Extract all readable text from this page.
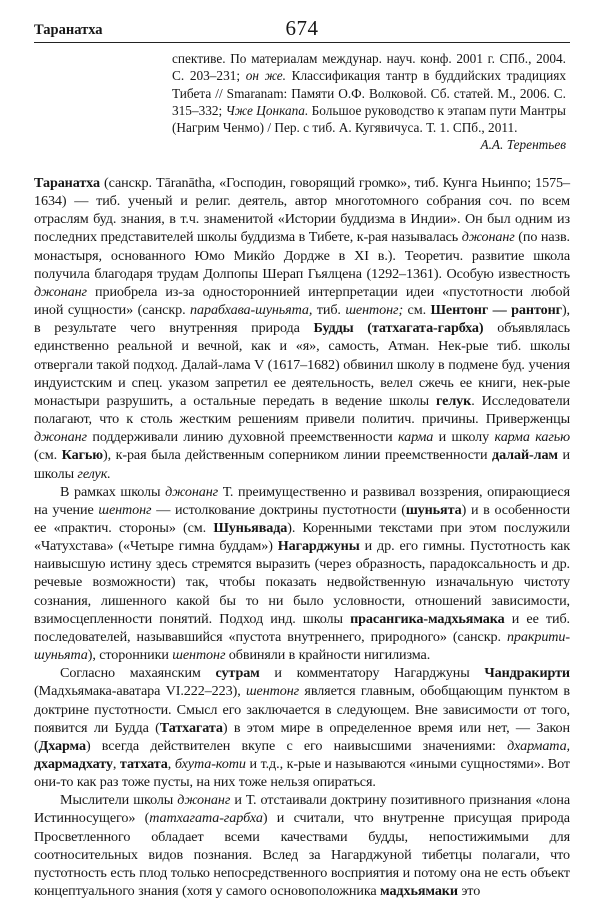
Таранатха	674

спективе. По материалам междунар. науч. конф. 2001 г. СПб., 2004. С. 203–231; он же. Классификация тантр в буддийских традициях Тибета // Smaranam: Памяти О.Ф. Волковой. Сб. статей. М., 2006. С. 315–332; Чже Цонкапа. Большое руководство к этапам пути Мантры (Нагрим Ченмо) / Пер. с тиб. А. Кугявичуса. Т. 1. СПб., 2011.

А.А. Терентьев

Таранатха (санскр. Tāranātha, «Господин, говорящий громко», тиб. Кунга Ньинпо; 1575–1634) — тиб. ученый и религ. деятель, автор многотомного собрания соч. по всем отраслям буд. знания, в т.ч. знаменитой «Истории буддизма в Индии». Он был одним из последних представителей школы буддизма в Тибете, к-рая называлась джонанг (по назв. монастыря, основанного Юмо Микйо Дордже в XI в.). Теоретич. развитие школа получила благодаря трудам Долпопы Шерап Гьялцена (1292–1361). Особую известность джонанг приобрела из-за одностороннией интерпретации идеи «пустотности любой иной сущности» (санскр. парабхава-шуньята, тиб. шентонг; см. Шентонг — рантонг), в результате чего внутренняя природа Будды (татхагата-гарбха) объявлялась единственно реальной и вечной, как и «я», самость, Атман. Нек-рые тиб. школы отвергали такой подход. Далай-лама V (1617–1682) обвинил школу в подмене буд. учения индуистским и спец. указом запретил ее деятельность, велел сжечь ее книги, нек-рые монастыри разрушить, а остальные передать в ведение школы гелук. Исследователи полагают, что к столь жестким решениям привели политич. причины. Приверженцы джонанг поддерживали линию духовной преемственности карма и школу карма кагью (см. Кагью), к-рая была действенным соперником линии преемственности далай-лам и школы гелук.

В рамках школы джонанг Т. преимущественно и развивал воззрения, опирающиеся на учение шентонг — истолкование доктрины пустотности (шуньята) и в особенности ее «практич. стороны» (см. Шуньявада). Коренными текстами при этом послужили «Чатухстава» («Четыре гимна буддам») Нагарджуны и др. его гимны. Пустотность как наивысшую истину здесь стремятся выразить (через образность, парадоксальность и др. речевые возможности) так, чтобы показать недвойственную изначальную чистоту сознания, лишенного какой бы то ни было условности, отношений зависимости, взимосцепленности понятий. Подход инд. школы прасангика-мадхьямака и ее тиб. последователей, называвшийся «пустота внутреннего, природного» (санскр. пракрити-шуньята), сторонники шентонг обвиняли в крайности нигилизма.

Согласно махаянским сутрам и комментатору Нагарджуны Чандракирти (Мадхьямака-аватара VI.222–223), шентонг является главным, обобщающим пунктом в доктрине пустотности. Смысл его заключается в следующем. Вне зависимости от того, появится ли Будда (Татхагата) в этом мире в определенное время или нет, — Закон (Дхарма) всегда действителен вкупе с его наивысшими значениями: дхармата, дхармадхату, татхата, бхута-коти и т.д., к-рые и называются «иными сущностями». Вот они-то как раз тоже пусты, на них тоже нельзя опираться.

Мыслители школы джонанг и Т. отстаивали доктрину позитивного признания «лона Истинносущего» (татхагата-гарбха) и считали, что внутренне присущая природа Просветленного обладает всеми качествами будды, непостижимыми для соотносительных видов познания. Вслед за Нагарджуной тибетцы полагали, что пустотность есть плод только непосредственного восприятия и потому она не есть объект концептуального знания (хотя у самого основоположника мадхьямаки это
